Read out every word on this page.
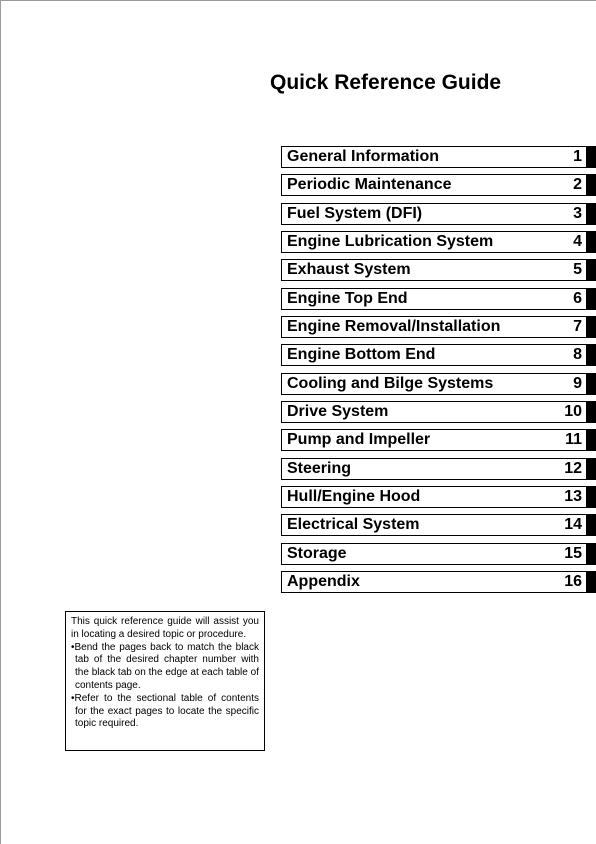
Quick Reference Guide
General Information	1
Periodic Maintenance	2
Fuel System (DFI)	3
Engine Lubrication System	4
Exhaust System	5
Engine Top End	6
Engine Removal/Installation	7
Engine Bottom End	8
Cooling and Bilge Systems	9
Drive System	10
Pump and Impeller	11
Steering	12
Hull/Engine Hood	13
Electrical System	14
Storage	15
Appendix	16

This quick reference guide will assist you in locating a desired topic or procedure.

•Bend the pages back to match the black tab of the desired chapter number with the black tab on the edge at each table of contents page.

•Refer to the sectional table of contents for the exact pages to locate the specific topic required.
